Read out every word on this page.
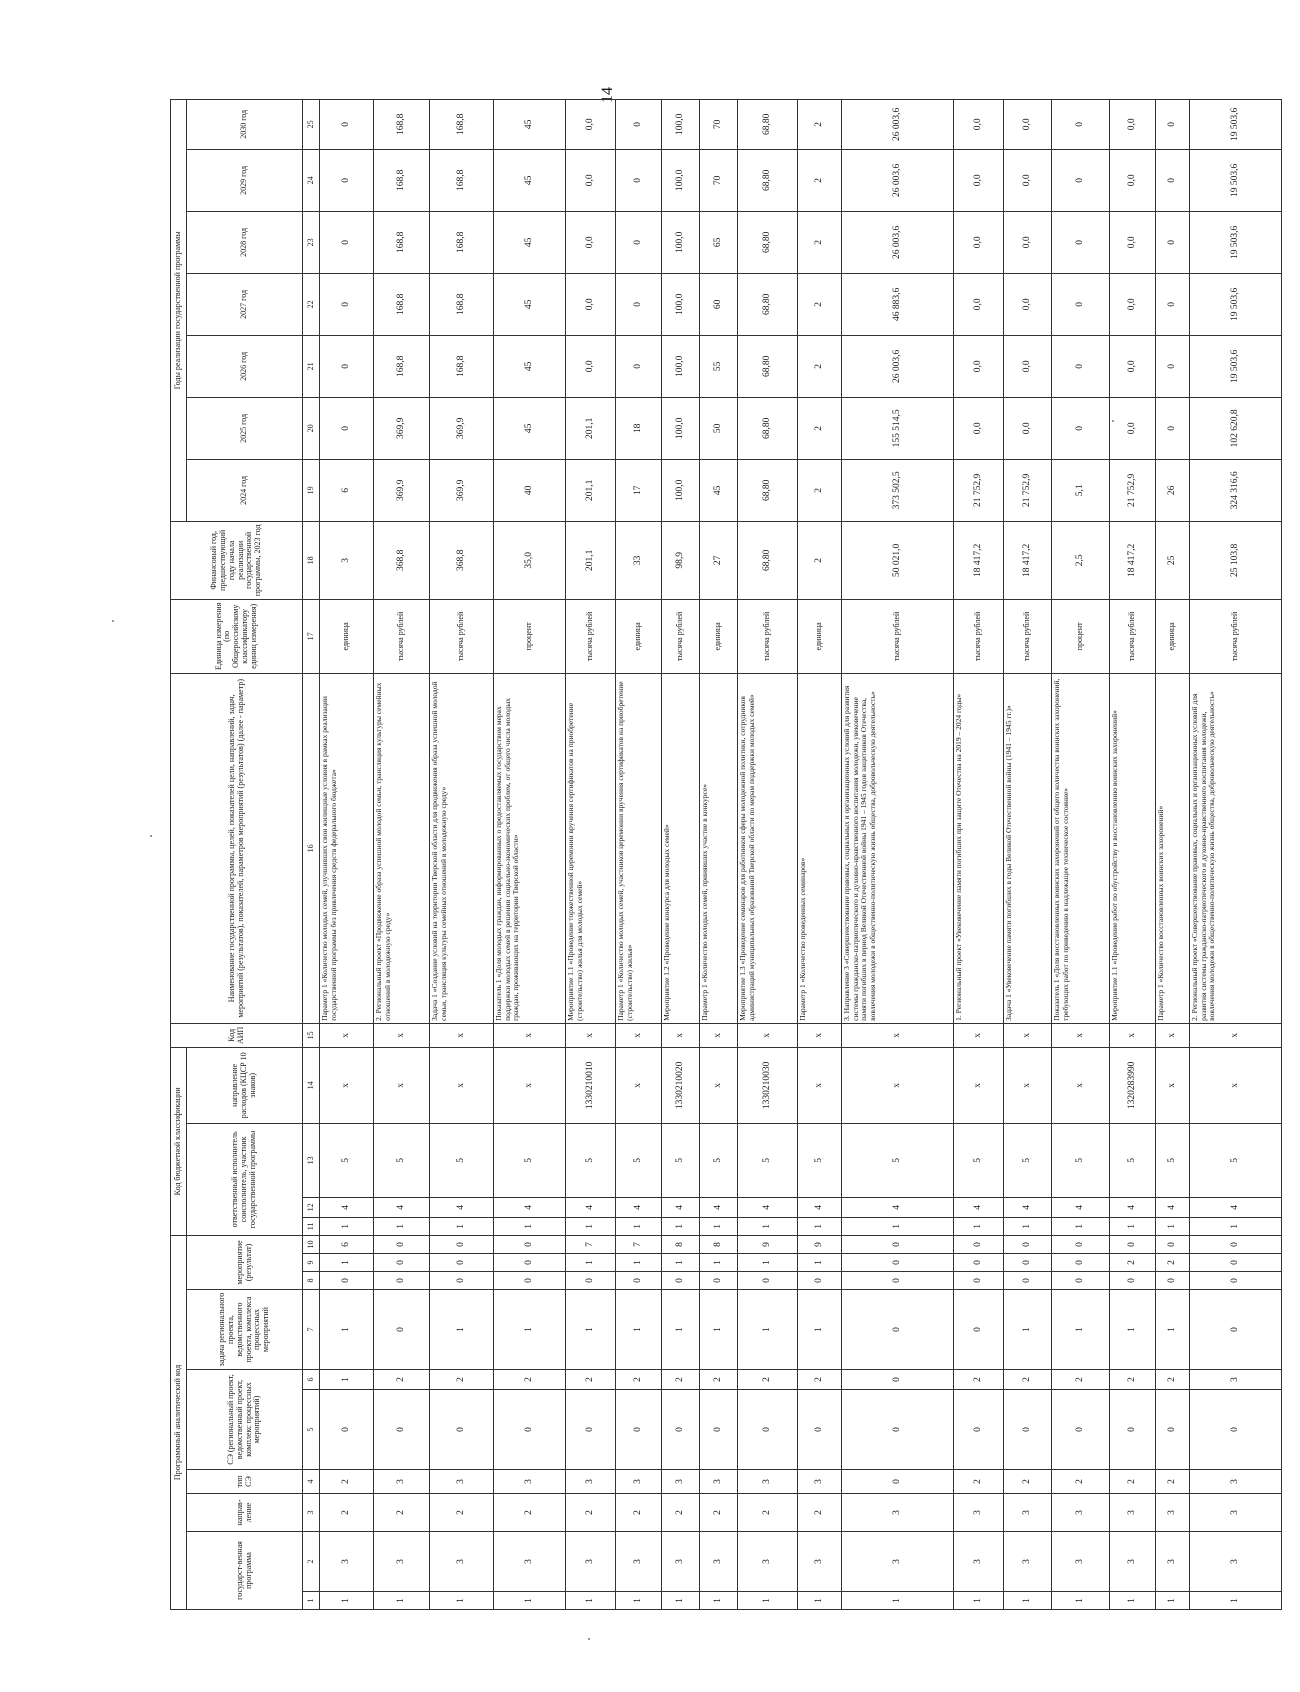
14
Программный аналитический код										Код бюджетной классификации				Код АИП	Наименование государственной программы, целей, показателей цели, направлений, задач, мероприятий (результатов), показателей, параметров мероприятий (результатов) (далее - параметр)	Единица измерения (по Общероссийскому классификатору единиц измерения)	Финансовый год, предшествующий году начала реализации государственной программы, 2023 год	Годы реализации государственной программы						
государст-венная программа		направ-ление	тип СЭ	СЭ (региональный проект, ведомственный проект, комплекс процессных мероприятий)		задача регионального проекта, ведомственного проекта, комплекса процессных мероприятий	мероприятие (результат)			ответственный исполнитель соисполнитель, участник государственной программы			направление расходов (КЦСР 10 знаков)					2024 год	2025 год	2026 год	2027 год	2028 год	2029 год	2030 год

1	2	3	4	5	6	7	8	9	10	11	12	13	14	15	16	17	18	19	20	21	22	23	24	25
1	3	2	2	0	1	1	0	1	6	1	4	5	х	х	Параметр 1 «Количество молодых семей, улучшивших свои жилищные условия в рамках реализации государственной программы без привлечения средств федерального бюджета»	единица	3	6	0	0	0	0	0	0
1	3	2	3	0	2	0	0	0	0	1	4	5	х	х	2. Региональный проект «Продвижение образа успешной молодой семьи, трансляция культуры семейных отношений в молодежную среду»	тысяча рублей	368,8	369,9	369,9	168,8	168,8	168,8	168,8	168,8
1	3	2	3	0	2	1	0	0	0	1	4	5	х	х	Задача 1 «Создание условий на территории Тверской области для продвижения образа успешной молодой семьи, трансляция культуры семейных отношений в молодежную среду»	тысяча рублей	368,8	369,9	369,9	168,8	168,8	168,8	168,8	168,8
1	3	2	3	0	2	1	0	0	0	1	4	5	х	х	Показатель 1 «Доля молодых граждан, информированных о предоставляемых государством мерах поддержки молодых семей в решении социально-экономических проблем, от общего числа молодых граждан, проживающих на территории Тверской области»	процент	35,0	40	45	45	45	45	45	45
1	3	2	3	0	2	1	0	1	7	1	4	5	1330210010	х	Мероприятие 1.1 «Проведение торжественной церемонии вручения сертификатов на приобретение (строительство) жилья для молодых семей»	тысяча рублей	201,1	201,1	201,1	0,0	0,0	0,0	0,0	0,0
1	3	2	3	0	2	1	0	1	7	1	4	5	х	х	Параметр 1 «Количество молодых семей, участников церемонии вручения сертификатов на приобретение (строительство) жилья»	единица	33	17	18	0	0	0	0	0
1	3	2	3	0	2	1	0	1	8	1	4	5	1330210020	х	Мероприятие 1.2 «Проведение конкурса для молодых семей»	тысяча рублей	98,9	100,0	100,0	100,0	100,0	100,0	100,0	100,0
1	3	2	3	0	2	1	0	1	8	1	4	5	х	х	Параметр 1 «Количество молодых семей, принявших участие в конкурсе»	единица	27	45	50	55	60	65	70	70
1	3	2	3	0	2	1	0	1	9	1	4	5	1330210030	х	Мероприятие 1.3 «Проведение семинаров для работников сферы молодежной политики, сотрудников администраций муниципальных образований Тверской области по мерам поддержки молодых семей»	тысяча рублей	68,80	68,80	68,80	68,80	68,80	68,80	68,80	68,80
1	3	2	3	0	2	1	0	1	9	1	4	5	х	х	Параметр 1 «Количество проведенных семинаров»	единица	2	2	2	2	2	2	2	2
1	3	3	0	0	0	0	0	0	0	1	4	5	х	х	3. Направление 3 «Совершенствование правовых, социальных и организационных условий для развития системы гражданско-патриотического и духовно-нравственного воспитания молодежи, увековечение памяти погибших в период Великой Отечественной войны 1941 – 1945 годов защитников Отечества, вовлечения молодежи в общественно-политическую жизнь общества, добровольческую деятельность»	тысяча рублей	50 021,0	373 502,5	155 514,5	26 003,6	46 883,6	26 003,6	26 003,6	26 003,6
1	3	3	2	0	2	0	0	0	0	1	4	5	х	х	1. Региональный проект «Увековечение памяти погибших при защите Отечества на 2019 – 2024 годы»	тысяча рублей	18 417,2	21 752,9	0,0	0,0	0,0	0,0	0,0	0,0
1	3	3	2	0	2	1	0	0	0	1	4	5	х	х	Задача 1 «Увековечение памяти погибших в годы Великой Отечественной войны (1941 – 1945 гг.)»	тысяча рублей	18 417,2	21 752,9	0,0	0,0	0,0	0,0	0,0	0,0
1	3	3	2	0	2	1	0	0	0	1	4	5	х	х	Показатель 1 «Доля восстановленных воинских захоронений от общего количества воинских захоронений, требующих работ по приведению в надлежащее техническое состояние»	процент	2,5	5,1	0	0	0	0	0	0
1	3	3	2	0	2	1	0	2	0	1	4	5	1320283990	х	Мероприятие 1.1 «Проведение работ по обустройству и восстановлению воинских захоронений»	тысяча рублей	18 417,2	21 752,9	0,0	0,0	0,0	0,0	0,0	0,0
1	3	3	2	0	2	1	0	2	0	1	4	5	х	х	Параметр 1 «Количество восстановленных воинских захоронений»	единица	25	26	0	0	0	0	0	0
1	3	3	3	0	3	0	0	0	0	1	4	5	х	х	2. Региональный проект «Совершенствование правовых, социальных и организационных условий для развития системы гражданско-патриотического и духовно-нравственного воспитания молодежи, вовлечения молодежи в общественно-политическую жизнь общества, добровольческую деятельность»	тысяча рублей	25 103,8	324 316,6	102 620,8	19 503,6	19 503,6	19 503,6	19 503,6	19 503,6
